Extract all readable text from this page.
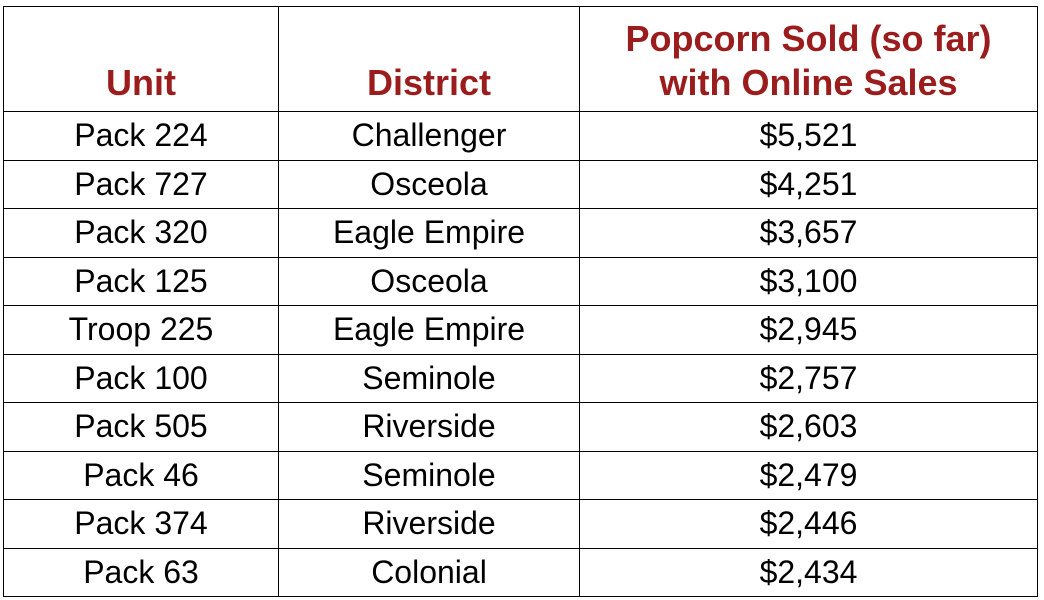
Unit	District	Popcorn Sold (so far)
with Online Sales

Pack 224	Challenger	$5,521
Pack 727	Osceola	$4,251
Pack 320	Eagle Empire	$3,657
Pack 125	Osceola	$3,100
Troop 225	Eagle Empire	$2,945
Pack 100	Seminole	$2,757
Pack 505	Riverside	$2,603
Pack 46	Seminole	$2,479
Pack 374	Riverside	$2,446
Pack 63	Colonial	$2,434
